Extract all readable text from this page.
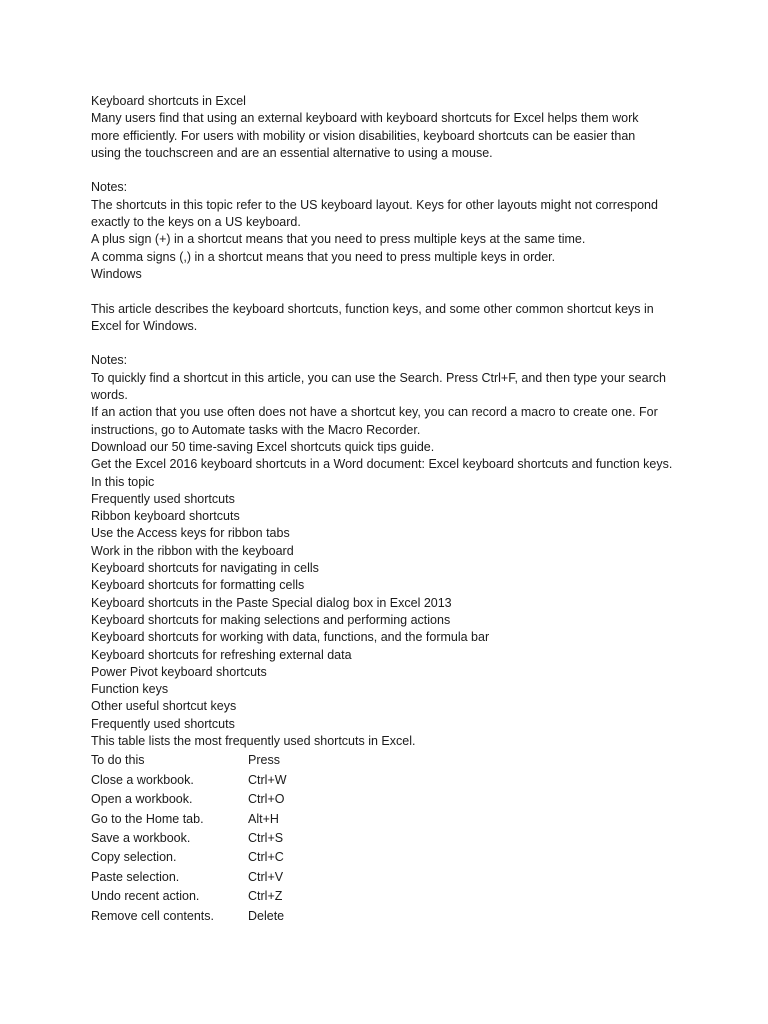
Keyboard shortcuts in Excel
Many users find that using an external keyboard with keyboard shortcuts for Excel helps them work
more efficiently. For users with mobility or vision disabilities, keyboard shortcuts can be easier than
using the touchscreen and are an essential alternative to using a mouse.
Notes:
The shortcuts in this topic refer to the US keyboard layout. Keys for other layouts might not correspond
exactly to the keys on a US keyboard.
A plus sign (+) in a shortcut means that you need to press multiple keys at the same time.
A comma signs (,) in a shortcut means that you need to press multiple keys in order.
Windows
This article describes the keyboard shortcuts, function keys, and some other common shortcut keys in
Excel for Windows.
Notes:
To quickly find a shortcut in this article, you can use the Search. Press Ctrl+F, and then type your search
words.
If an action that you use often does not have a shortcut key, you can record a macro to create one. For
instructions, go to Automate tasks with the Macro Recorder.
Download our 50 time-saving Excel shortcuts quick tips guide.
Get the Excel 2016 keyboard shortcuts in a Word document: Excel keyboard shortcuts and function keys.
In this topic
Frequently used shortcuts
Ribbon keyboard shortcuts
Use the Access keys for ribbon tabs
Work in the ribbon with the keyboard
Keyboard shortcuts for navigating in cells
Keyboard shortcuts for formatting cells
Keyboard shortcuts in the Paste Special dialog box in Excel 2013
Keyboard shortcuts for making selections and performing actions
Keyboard shortcuts for working with data, functions, and the formula bar
Keyboard shortcuts for refreshing external data
Power Pivot keyboard shortcuts
Function keys
Other useful shortcut keys
Frequently used shortcuts
This table lists the most frequently used shortcuts in Excel.
To do this	Press
Close a workbook.	Ctrl+W
Open a workbook.	Ctrl+O
Go to the Home tab.	Alt+H
Save a workbook.	Ctrl+S
Copy selection.	Ctrl+C
Paste selection.	Ctrl+V
Undo recent action.	Ctrl+Z
Remove cell contents.	Delete
